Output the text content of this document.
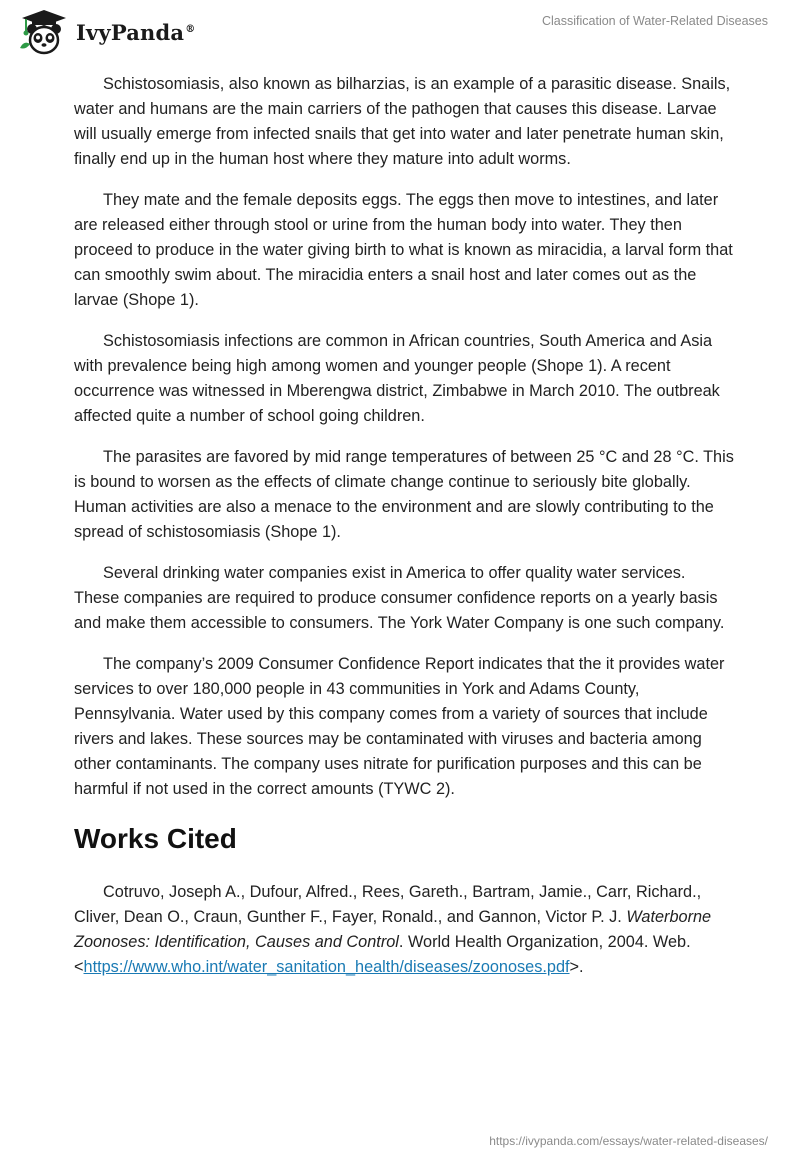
IvyPanda®
Classification of Water-Related Diseases

Schistosomiasis, also known as bilharzias, is an example of a parasitic disease. Snails, water and humans are the main carriers of the pathogen that causes this disease. Larvae will usually emerge from infected snails that get into water and later penetrate human skin, finally end up in the human host where they mature into adult worms.

They mate and the female deposits eggs. The eggs then move to intestines, and later are released either through stool or urine from the human body into water. They then proceed to produce in the water giving birth to what is known as miracidia, a larval form that can smoothly swim about. The miracidia enters a snail host and later comes out as the larvae (Shope 1).

Schistosomiasis infections are common in African countries, South America and Asia with prevalence being high among women and younger people (Shope 1). A recent occurrence was witnessed in Mberengwa district, Zimbabwe in March 2010. The outbreak affected quite a number of school going children.

The parasites are favored by mid range temperatures of between 25 °C and 28 °C. This is bound to worsen as the effects of climate change continue to seriously bite globally. Human activities are also a menace to the environment and are slowly contributing to the spread of schistosomiasis (Shope 1).

Several drinking water companies exist in America to offer quality water services. These companies are required to produce consumer confidence reports on a yearly basis and make them accessible to consumers. The York Water Company is one such company.

The company’s 2009 Consumer Confidence Report indicates that the it provides water services to over 180,000 people in 43 communities in York and Adams County, Pennsylvania. Water used by this company comes from a variety of sources that include rivers and lakes. These sources may be contaminated with viruses and bacteria among other contaminants. The company uses nitrate for purification purposes and this can be harmful if not used in the correct amounts (TYWC 2).

Works Cited

Cotruvo, Joseph A., Dufour, Alfred., Rees, Gareth., Bartram, Jamie., Carr, Richard., Cliver, Dean O., Craun, Gunther F., Fayer, Ronald., and Gannon, Victor P. J. Waterborne Zoonoses: Identification, Causes and Control. World Health Organization, 2004. Web. <https://www.who.int/water_sanitation_health/diseases/zoonoses.pdf>.

https://ivypanda.com/essays/water-related-diseases/
